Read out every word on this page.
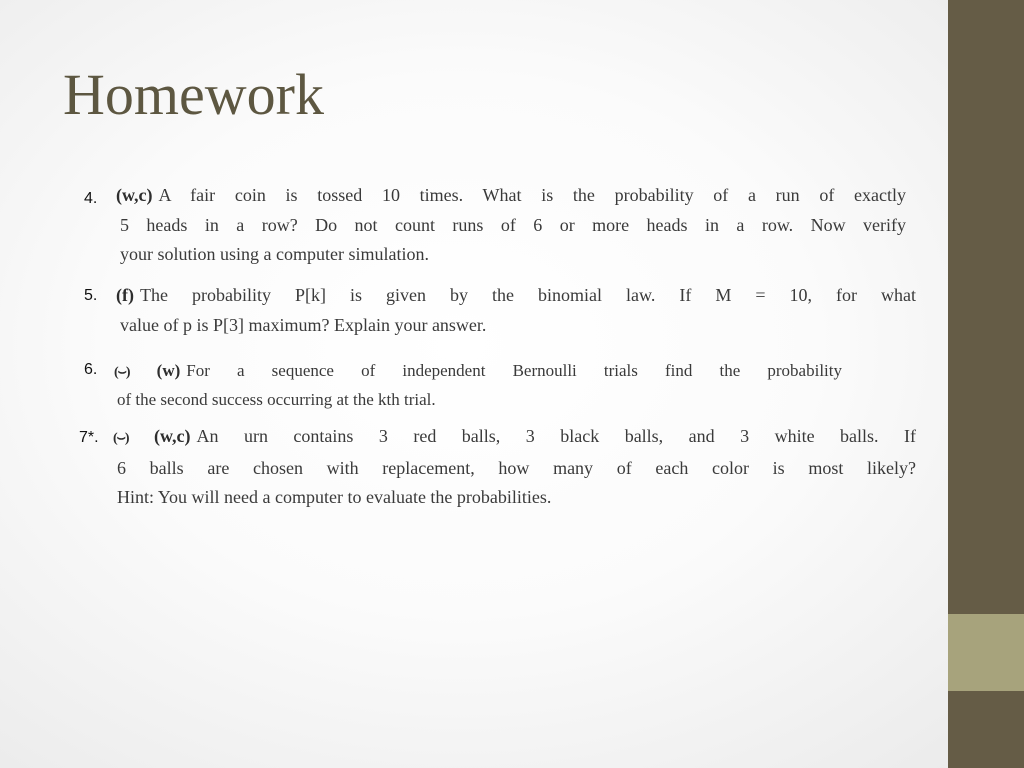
Homework
4. (w,c) A fair coin is tossed 10 times. What is the probability of a run of exactly
5 heads in a row? Do not count runs of 6 or more heads in a row. Now verify
your solution using a computer simulation.
5. (f) The probability P[k] is given by the binomial law. If M = 10, for what
value of p is P[3] maximum? Explain your answer.
6. (⌣) (w) For a sequence of independent Bernoulli trials find the probability
of the second success occurring at the kth trial.
7*. (⌣) (w,c) An urn contains 3 red balls, 3 black balls, and 3 white balls. If
6 balls are chosen with replacement, how many of each color is most likely?
Hint: You will need a computer to evaluate the probabilities.
